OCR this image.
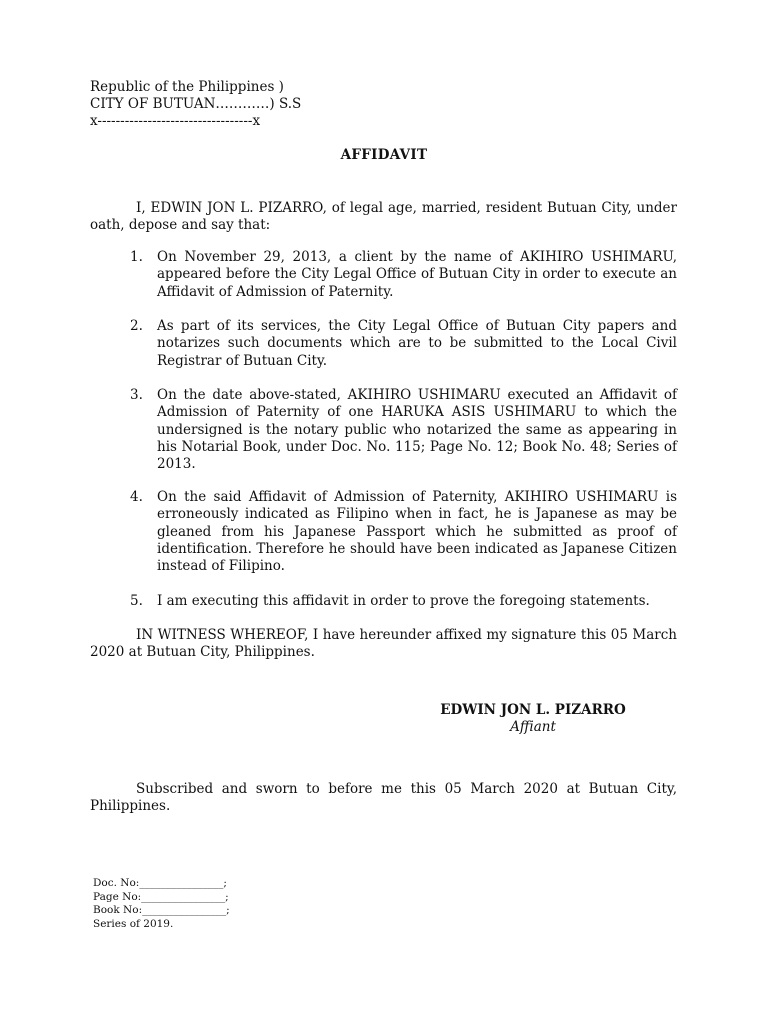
Republic of the Philippines )
CITY OF BUTUAN…………) S.S
x----------------------------------x
AFFIDAVIT
I, EDWIN JON L. PIZARRO, of legal age, married, resident Butuan City, under oath, depose and say that:
1. On November 29, 2013, a client by the name of AKIHIRO USHIMARU, appeared before the City Legal Office of Butuan City in order to execute an Affidavit of Admission of Paternity.
2. As part of its services, the City Legal Office of Butuan City papers and notarizes such documents which are to be submitted to the Local Civil Registrar of Butuan City.
3. On the date above-stated, AKIHIRO USHIMARU executed an Affidavit of Admission of Paternity of one HARUKA ASIS USHIMARU to which the undersigned is the notary public who notarized the same as appearing in his Notarial Book, under Doc. No. 115; Page No. 12; Book No. 48; Series of 2013.
4. On the said Affidavit of Admission of Paternity, AKIHIRO USHIMARU is erroneously indicated as Filipino when in fact, he is Japanese as may be gleaned from his Japanese Passport which he submitted as proof of identification. Therefore he should have been indicated as Japanese Citizen instead of Filipino.
5. I am executing this affidavit in order to prove the foregoing statements.
IN WITNESS WHEREOF, I have hereunder affixed my signature this 05 March 2020 at Butuan City, Philippines.
EDWIN JON L. PIZARRO
Affiant
Subscribed and sworn to before me this 05 March 2020 at Butuan City, Philippines.
Doc. No:________________;
Page No:________________;
Book No:________________;
Series of 2019.
